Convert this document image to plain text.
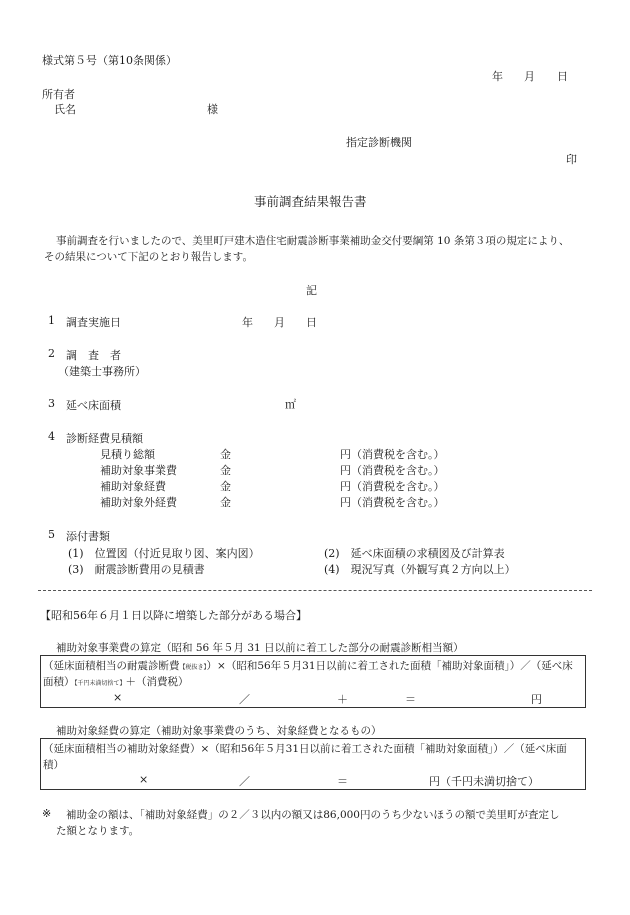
様式第５号（第10条関係）
年 月 日
所有者
氏名	様
指定診断機関
印
事前調査結果報告書
事前調査を行いましたので、美里町戸建木造住宅耐震診断事業補助金交付要綱第 10 条第３項の規定により、
その結果について下記のとおり報告します。
記
1 調査実施日	年 月 日
2 調　査　者
（建築士事務所）
3 延べ床面積	㎡
4 診断経費見積額
見積り総額	金	円（消費税を含む。）
補助対象事業費	金	円（消費税を含む。）
補助対象経費	金	円（消費税を含む。）
補助対象外経費	金	円（消費税を含む。）
5 添付書類
(1)　位置図（付近見取り図、案内図）	(2)　延べ床面積の求積図及び計算表
(3)　耐震診断費用の見積書	(4)　現況写真（外観写真２方向以上）
【昭和56年６月１日以降に増築した部分がある場合】
補助対象事業費の算定（昭和 56 年５月 31 日以前に着工した部分の耐震診断相当額）
（延床面積相当の耐震診断費【税抜き】）×（昭和56年５月31日以前に着工された面積「補助対象面積」）／（延べ床
面積）【千円未満切捨て】＋（消費税）
×	／	＋	＝	円
補助対象経費の算定（補助対象事業費のうち、対象経費となるもの）
（延床面積相当の補助対象経費）×（昭和56年５月31日以前に着工された面積「補助対象面積」）／（延べ床面
積）
×	／	＝	円（千円未満切捨て）
※ 補助金の額は、「補助対象経費」の２／３以内の額又は86,000円のうち少ないほうの額で美里町が査定し
た額となります。
